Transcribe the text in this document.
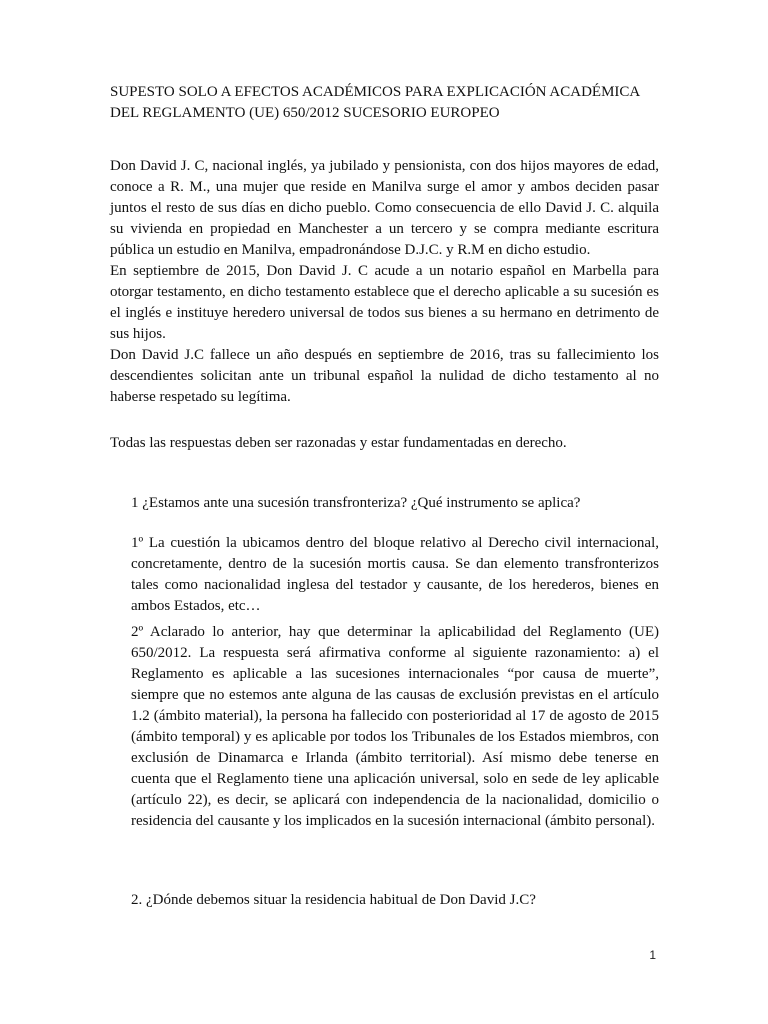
SUPESTO SOLO A EFECTOS ACADÉMICOS PARA EXPLICACIÓN ACADÉMICA DEL REGLAMENTO (UE) 650/2012 SUCESORIO EUROPEO

Don David J. C, nacional inglés, ya jubilado y pensionista, con dos hijos mayores de edad, conoce a R. M., una mujer que reside en Manilva surge el amor y ambos deciden pasar juntos el resto de sus días en dicho pueblo. Como consecuencia de ello David J. C. alquila su vivienda en propiedad en Manchester a un tercero y se compra mediante escritura pública un estudio en Manilva, empadronándose D.J.C. y R.M en dicho estudio.

En septiembre de 2015, Don David J. C acude a un notario español en Marbella para otorgar testamento, en dicho testamento establece que el derecho aplicable a su sucesión es el inglés e instituye heredero universal de todos sus bienes a su hermano en detrimento de sus hijos.

Don David J.C fallece un año después en septiembre de 2016, tras su fallecimiento los descendientes solicitan ante un tribunal español la nulidad de dicho testamento al no haberse respetado su legítima.

Todas las respuestas deben ser razonadas y estar fundamentadas en derecho.

1 ¿Estamos ante una sucesión transfronteriza? ¿Qué instrumento se aplica?

1º La cuestión la ubicamos dentro del bloque relativo al Derecho civil internacional, concretamente, dentro de la sucesión mortis causa. Se dan elemento transfronterizos tales como nacionalidad inglesa del testador y causante, de los herederos, bienes en ambos Estados, etc…

2º Aclarado lo anterior, hay que determinar la aplicabilidad del Reglamento (UE) 650/2012. La respuesta será afirmativa conforme al siguiente razonamiento: a) el Reglamento es aplicable a las sucesiones internacionales “por causa de muerte”, siempre que no estemos ante alguna de las causas de exclusión previstas en el artículo 1.2 (ámbito material), la persona ha fallecido con posterioridad al 17 de agosto de 2015 (ámbito temporal) y es aplicable por todos los Tribunales de los Estados miembros, con exclusión de Dinamarca e Irlanda (ámbito territorial). Así mismo debe tenerse en cuenta que el Reglamento tiene una aplicación universal, solo en sede de ley aplicable (artículo 22), es decir, se aplicará con independencia de la nacionalidad, domicilio o residencia del causante y los implicados en la sucesión internacional (ámbito personal).

2. ¿Dónde debemos situar la residencia habitual de Don David J.C?

1
